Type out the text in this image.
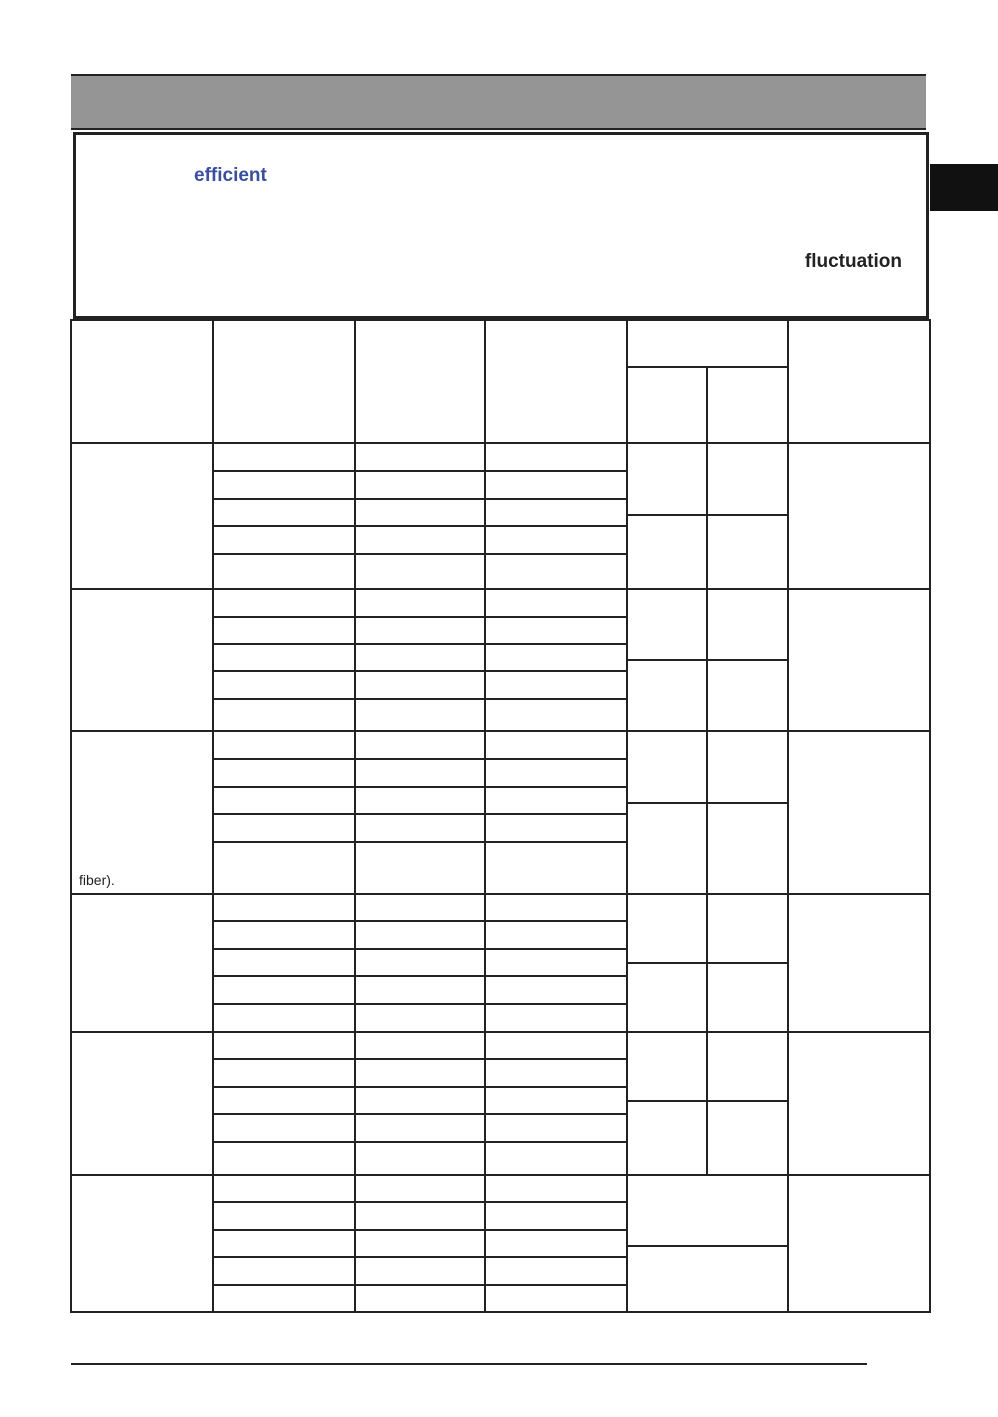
efficient
fluctuation
fiber).
